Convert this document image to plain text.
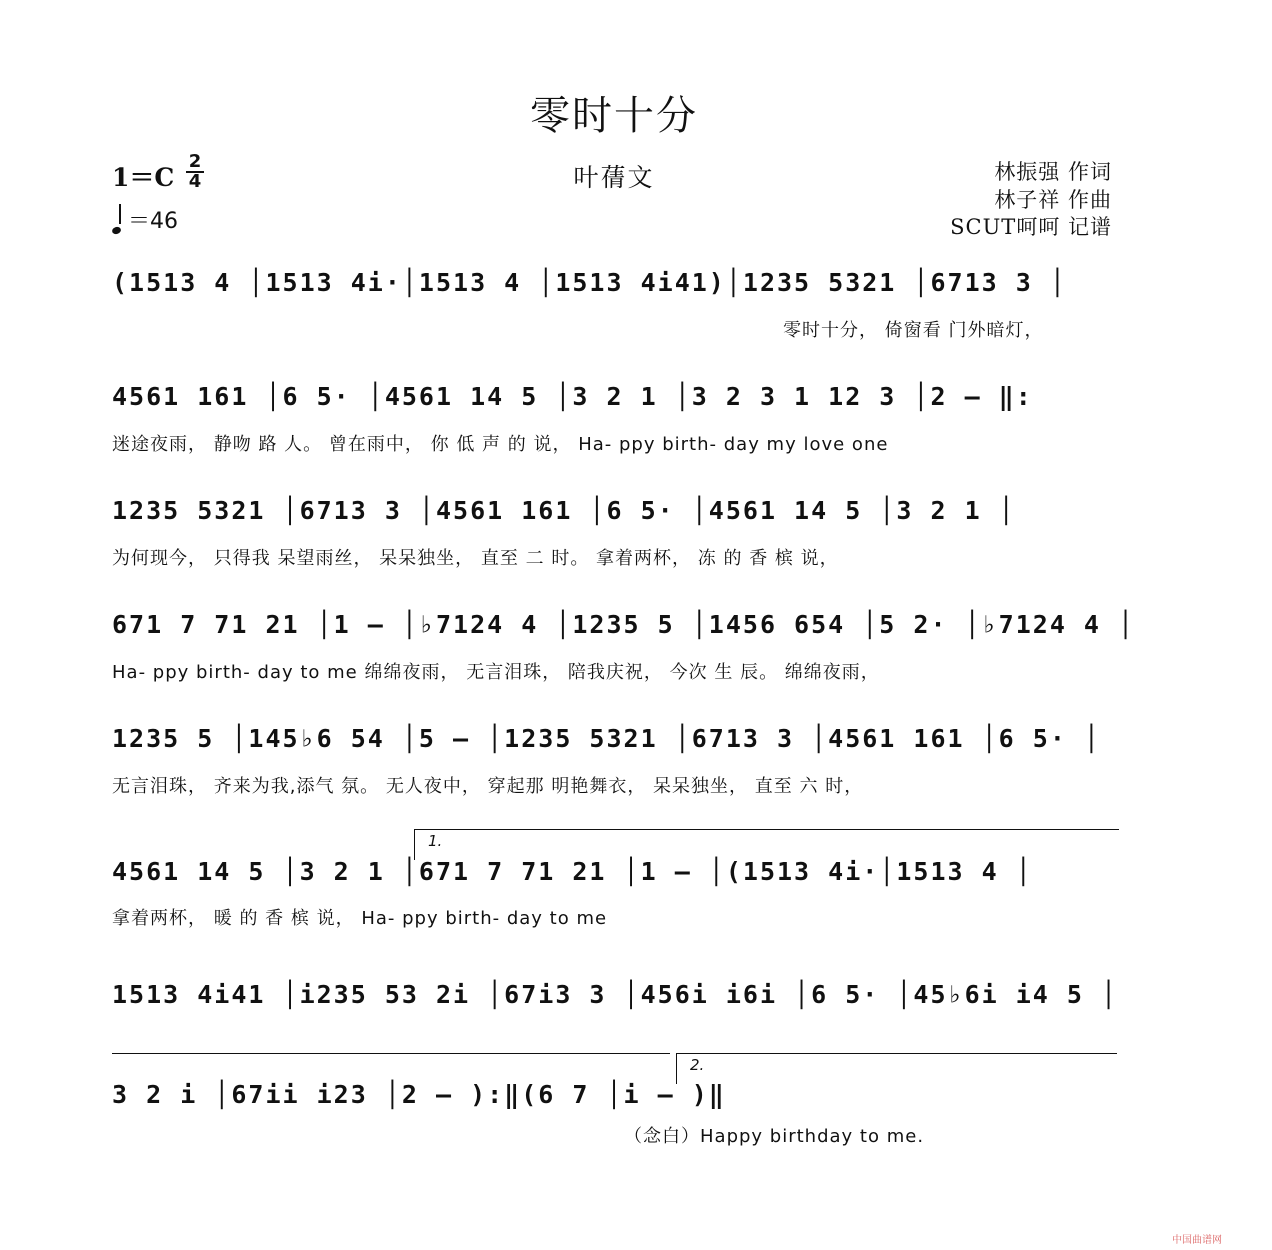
零时十分
叶蒨文
1＝C
2
4
＝46
林振强 作词
林子祥 作曲
SCUT呵呵 记谱
(1513 4 │1513 4i·│1513 4 │1513 4i41)│1235 5321 │6713 3 │
零时十分， 倚窗看 门外暗灯，
4561 161 │6 5· │4561 14 5 │3 2 1 │3 2 3 1 12 3 │2 – ‖:
迷途夜雨， 静吻 路 人。 曾在雨中， 你 低 声 的 说， Ha- ppy birth- day my love one
1235 5321 │6713 3 │4561 161 │6 5· │4561 14 5 │3 2 1 │
为何现今， 只得我 呆望雨丝， 呆呆独坐， 直至 二 时。 拿着两杯， 冻 的 香 槟 说，
671 7 71 21 │1 – │♭7124 4 │1235 5 │1456 654 │5 2· │♭7124 4 │
Ha- ppy birth- day to me 绵绵夜雨， 无言泪珠， 陪我庆祝， 今次 生 辰。 绵绵夜雨，
1235 5 │145♭6 54 │5 – │1235 5321 │6713 3 │4561 161 │6 5· │
无言泪珠， 齐来为我,添气 氛。 无人夜中， 穿起那 明艳舞衣， 呆呆独坐， 直至 六 时，
1.
4561 14 5 │3 2 1 │671 7 71 21 │1 – │(1513 4i·│1513 4 │
拿着两杯， 暖 的 香 槟 说， Ha- ppy birth- day to me
1513 4i41 │i235 53 2i │67i3 3 │456i i6i │6 5· │45♭6i i4 5 │
2.
3 2 i │67ii i23 │2 – ):‖(6 7 │i – )‖
（念白）Happy birthday to me.
中国曲谱网
